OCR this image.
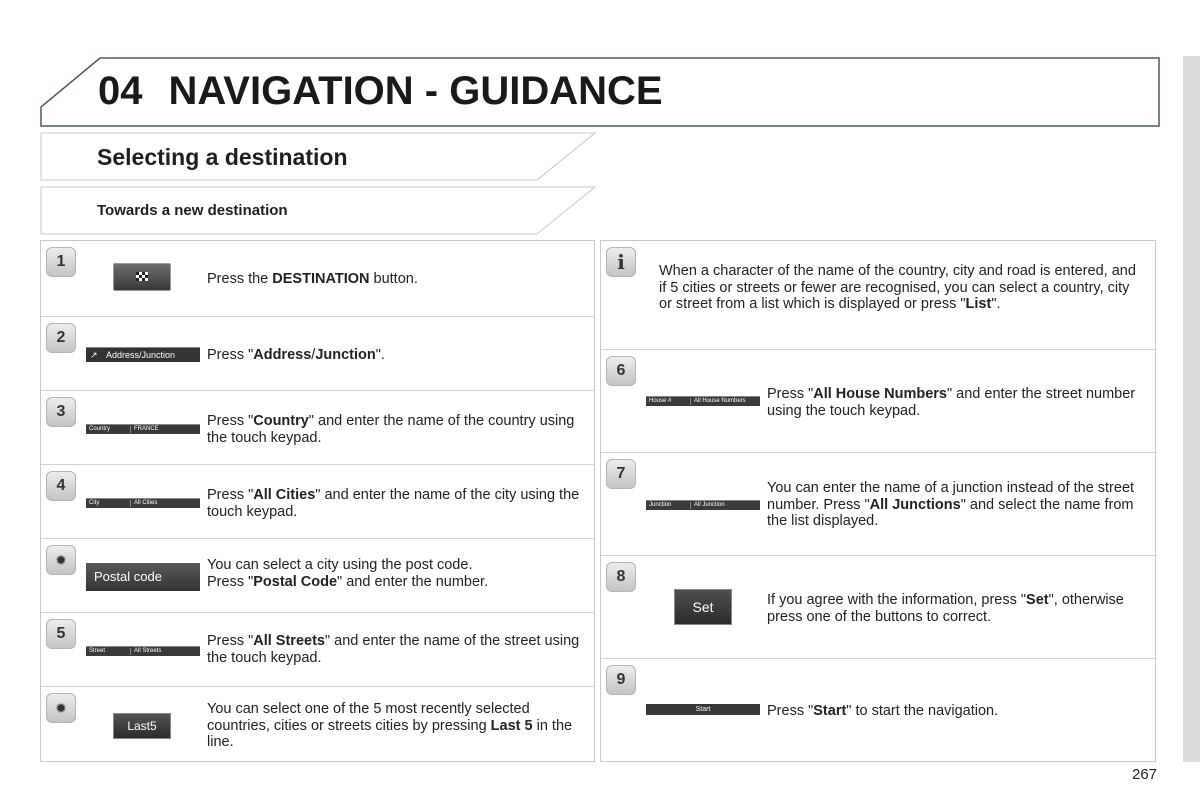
04 NAVIGATION - GUIDANCE
Selecting a destination
Towards a new destination
1
Press the DESTINATION button.
2
↗ Address/Junction Press "Address/Junction".
3
Country	FRANCE	Press "Country" and enter the name of the country using the touch keypad.
4
City	All Cities	Press "All Cities" and enter the name of the city using the touch keypad.
✹
Postal code
You can select a city using the post code.
Press "Postal Code" and enter the number.
5
Street	All Streets
Press "All Streets" and enter the name of the street using the touch keypad.
✹
Last5
You can select one of the 5 most recently selected countries, cities or streets cities by pressing Last 5 in the line.
i	When a character of the name of the country, city and road is entered, and if 5 cities or streets or fewer are recognised, you can select a country, city or street from a list which is displayed or press "List".
6
House #	All House Numbers Press "All House Numbers" and enter the street number using the touch keypad.
7
Junction	All Junction
You can enter the name of a junction instead of the street number. Press "All Junctions" and select the name from the list displayed.
8
Set	If you agree with the information, press "Set", otherwise press one of the buttons to correct.
9
Start	Press "Start" to start the navigation.
267
